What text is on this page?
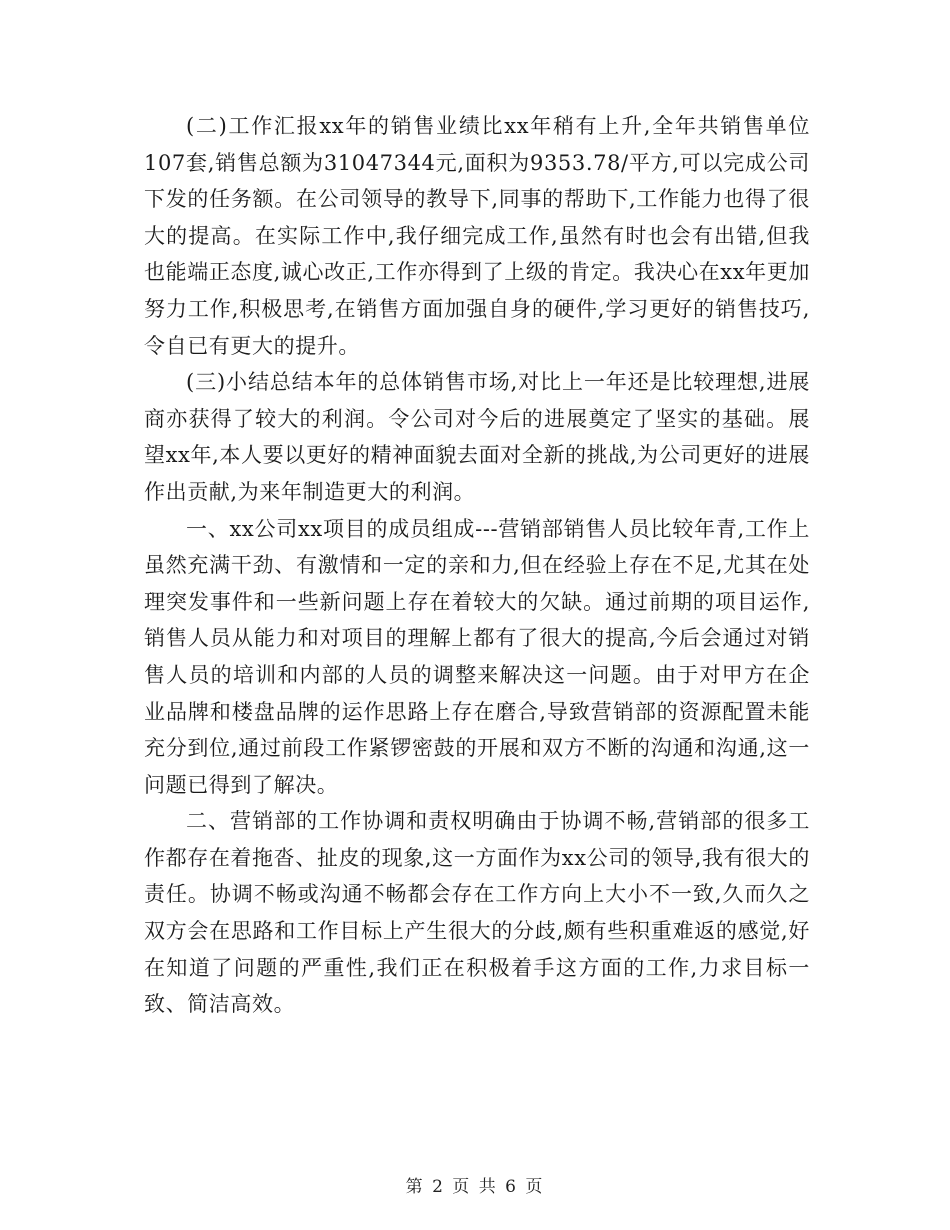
(二)工作汇报xx年的销售业绩比xx年稍有上升,全年共销售单位107套,销售总额为31047344元,面积为9353.78/平方,可以完成公司下发的任务额。在公司领导的教导下,同事的帮助下,工作能力也得了很大的提高。在实际工作中,我仔细完成工作,虽然有时也会有出错,但我也能端正态度,诚心改正,工作亦得到了上级的肯定。我决心在xx年更加努力工作,积极思考,在销售方面加强自身的硬件,学习更好的销售技巧,令自已有更大的提升。

(三)小结总结本年的总体销售市场,对比上一年还是比较理想,进展商亦获得了较大的利润。令公司对今后的进展奠定了坚实的基础。展望xx年,本人要以更好的精神面貌去面对全新的挑战,为公司更好的进展作出贡献,为来年制造更大的利润。

一、xx公司xx项目的成员组成---营销部销售人员比较年青,工作上虽然充满干劲、有激情和一定的亲和力,但在经验上存在不足,尤其在处理突发事件和一些新问题上存在着较大的欠缺。通过前期的项目运作,销售人员从能力和对项目的理解上都有了很大的提高,今后会通过对销售人员的培训和内部的人员的调整来解决这一问题。由于对甲方在企业品牌和楼盘品牌的运作思路上存在磨合,导致营销部的资源配置未能充分到位,通过前段工作紧锣密鼓的开展和双方不断的沟通和沟通,这一问题已得到了解决。

二、营销部的工作协调和责权明确由于协调不畅,营销部的很多工作都存在着拖沓、扯皮的现象,这一方面作为xx公司的领导,我有很大的责任。协调不畅或沟通不畅都会存在工作方向上大小不一致,久而久之双方会在思路和工作目标上产生很大的分歧,颇有些积重难返的感觉,好在知道了问题的严重性,我们正在积极着手这方面的工作,力求目标一致、简洁高效。

第 2 页 共 6 页
